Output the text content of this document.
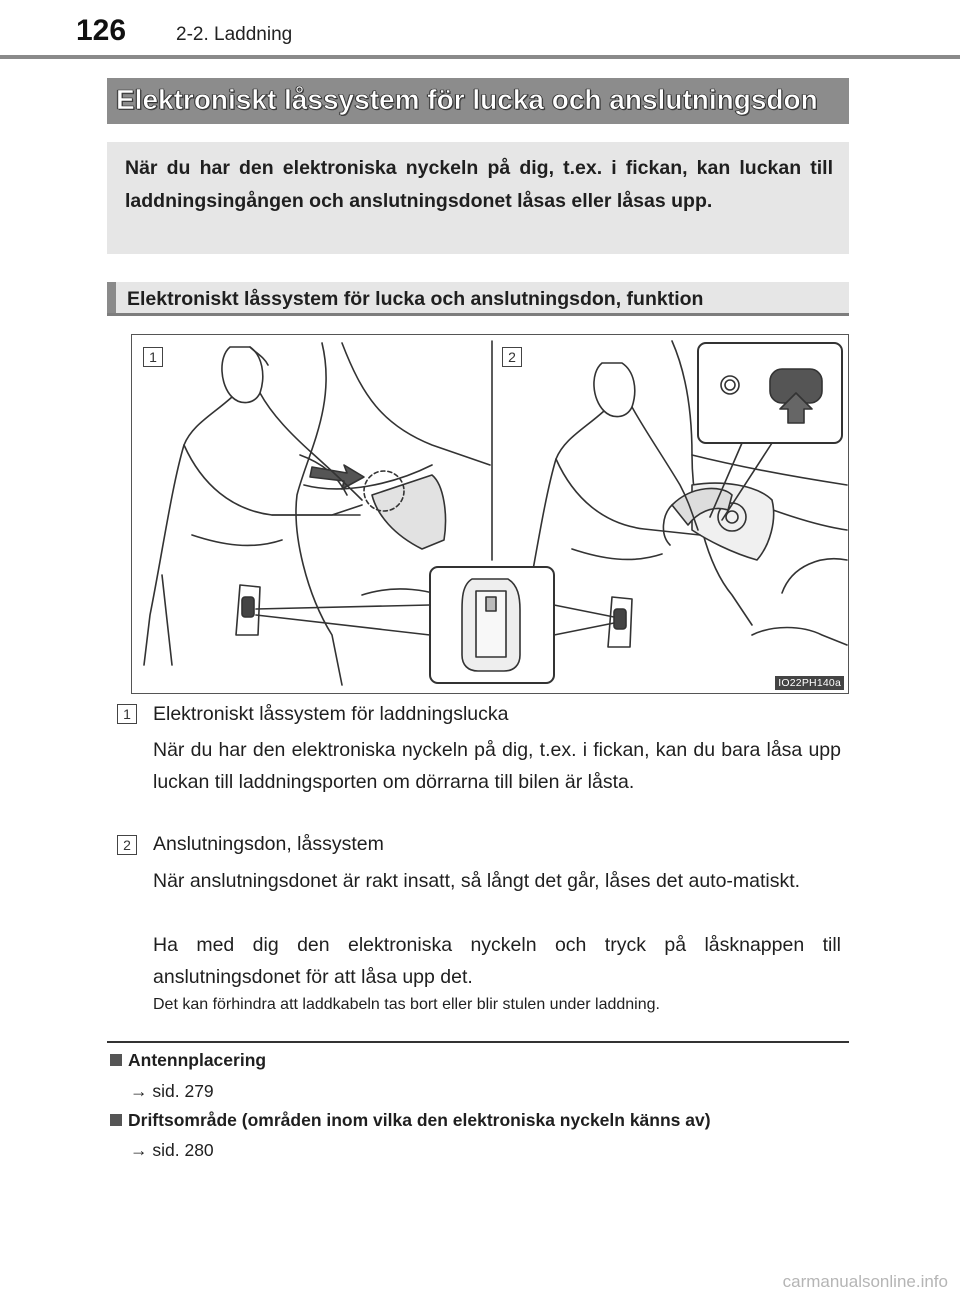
126	2-2. Laddning
Elektroniskt låssystem för lucka och anslutningsdon

När du har den elektroniska nyckeln på dig, t.ex. i fickan, kan luckan till laddningsingången och anslutningsdonet låsas eller låsas upp.

Elektroniskt låssystem för lucka och anslutningsdon, funktion
1	2
IO22PH140a
1	Elektroniskt låssystem för laddningslucka

När du har den elektroniska nyckeln på dig, t.ex. i fickan, kan du bara låsa upp luckan till laddningsporten om dörrarna till bilen är låsta.

2	Anslutningsdon, låssystem

När anslutningsdonet är rakt insatt, så långt det går, låses det auto-matiskt.

Ha med dig den elektroniska nyckeln och tryck på låsknappen till anslutningsdonet för att låsa upp det.

Det kan förhindra att laddkabeln tas bort eller blir stulen under laddning.
Antennplacering
→ sid. 279
Driftsområde (områden inom vilka den elektroniska nyckeln känns av)
→ sid. 280
carmanualsonline.info
